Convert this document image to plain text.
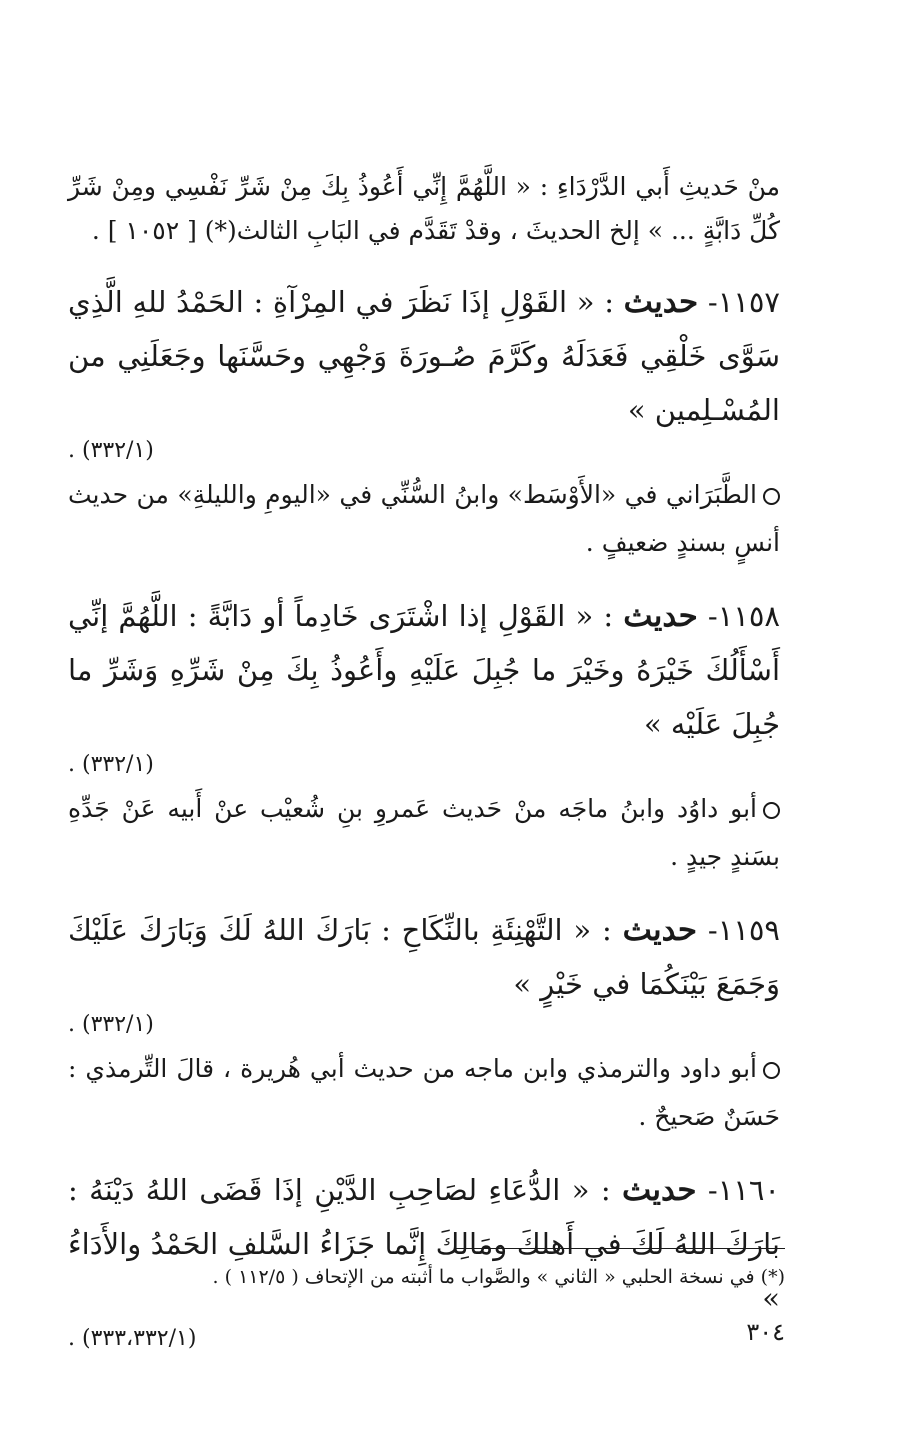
منْ حَديثِ أَبي الدَّرْدَاءِ : « اللَّهُمَّ إِنِّي أَعُوذُ بِكَ مِنْ شَرِّ نَفْسِي ومِنْ شَرِّ كُلِّ دَابَّةٍ ... » إلخ الحديثَ ، وقدْ تَقَدَّم في البَابِ الثالث(*) [ ١٠٥٢ ] .

١١٥٧- حديث : « القَوْلِ إذَا نَظَرَ في المِرْآةِ : الحَمْدُ للهِ الَّذِي سَوَّى خَلْقِي فَعَدَلَهُ وكَرَّمَ صُـورَةَ وَجْهِي وحَسَّنَها وجَعَلَنِي من المُسْـلِمين »
(٣٣٢/١) .

الطَّبَرَاني في «الأَوْسَط» وابنُ السُّنِّي في «اليومِ والليلةِ» من حديث أنسٍ بسندٍ ضعيفٍ .

١١٥٨- حديث : « القَوْلِ إذا اشْتَرَى خَادِماً أو دَابَّةً : اللَّهُمَّ إنِّي أَسْأَلُكَ خَيْرَهُ وخَيْرَ ما جُبِلَ عَلَيْهِ وأَعُوذُ بِكَ مِنْ شَرِّهِ وَشَرِّ ما جُبِلَ عَلَيْه »
(٣٣٢/١) .

أبو داوُد وابنُ ماجَه منْ حَديث عَمروِ بنِ شُعيْب عنْ أَبيه عَنْ جَدِّهِ بسَندٍ جيدٍ .

١١٥٩- حديث : « التَّهْنِئَةِ بالنِّكَاحِ : بَارَكَ اللهُ لَكَ وَبَارَكَ عَلَيْكَ وَجَمَعَ بَيْنَكُمَا في خَيْرٍ »
(٣٣٢/١) .

أبو داود والترمذي وابن ماجه من حديث أبي هُريرة ، قالَ التِّرمذي : حَسَنٌ صَحيحٌ .

١١٦٠- حديث : « الدُّعَاءِ لصَاحِبِ الدَّيْنِ إذَا قَضَى اللهُ دَيْنَهُ : بَارَكَ اللهُ لَكَ في أَهلكَ ومَالِكَ إِنَّما جَزَاءُ السَّلفِ الحَمْدُ والأَدَاءُ »
(٣٣٣،٣٣٢/١) .

(*) في نسخة الحلبي « الثاني » والصَّواب ما أثبته من الإتحاف ( ١١٢/٥ ) .

٣٠٤
